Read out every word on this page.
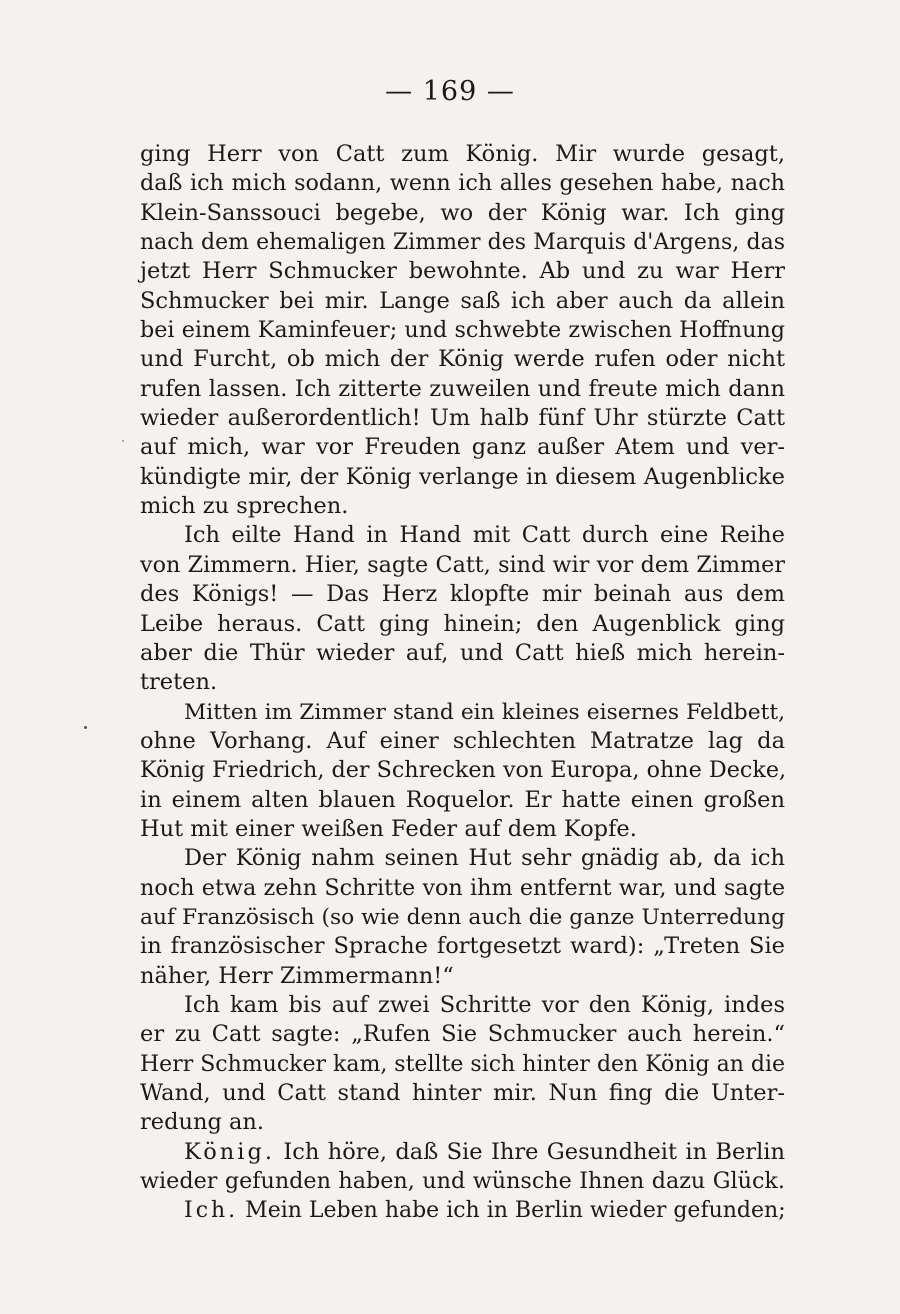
— 169 —
ging Herr von Catt zum König. Mir wurde gesagt,
daß ich mich sodann, wenn ich alles gesehen habe, nach
Klein-Sanssouci begebe, wo der König war. Ich ging
nach dem ehemaligen Zimmer des Marquis d'Argens, das
jetzt Herr Schmucker bewohnte. Ab und zu war Herr
Schmucker bei mir. Lange saß ich aber auch da allein
bei einem Kaminfeuer; und schwebte zwischen Hoffnung
und Furcht, ob mich der König werde rufen oder nicht
rufen lassen. Ich zitterte zuweilen und freute mich dann
wieder außerordentlich! Um halb fünf Uhr stürzte Catt
auf mich, war vor Freuden ganz außer Atem und ver-
kündigte mir, der König verlange in diesem Augenblicke
mich zu sprechen.
Ich eilte Hand in Hand mit Catt durch eine Reihe
von Zimmern. Hier, sagte Catt, sind wir vor dem Zimmer
des Königs! — Das Herz klopfte mir beinah aus dem
Leibe heraus. Catt ging hinein; den Augenblick ging
aber die Thür wieder auf, und Catt hieß mich herein-
treten.
Mitten im Zimmer stand ein kleines eisernes Feldbett,
ohne Vorhang. Auf einer schlechten Matratze lag da
König Friedrich, der Schrecken von Europa, ohne Decke,
in einem alten blauen Roquelor. Er hatte einen großen
Hut mit einer weißen Feder auf dem Kopfe.
Der König nahm seinen Hut sehr gnädig ab, da ich
noch etwa zehn Schritte von ihm entfernt war, und sagte
auf Französisch (so wie denn auch die ganze Unterredung
in französischer Sprache fortgesetzt ward): „Treten Sie
näher, Herr Zimmermann!“
Ich kam bis auf zwei Schritte vor den König, indes
er zu Catt sagte: „Rufen Sie Schmucker auch herein.“
Herr Schmucker kam, stellte sich hinter den König an die
Wand, und Catt stand hinter mir. Nun fing die Unter-
redung an.
König. Ich höre, daß Sie Ihre Gesundheit in Berlin
wieder gefunden haben, und wünsche Ihnen dazu Glück.
Ich. Mein Leben habe ich in Berlin wieder gefunden;
